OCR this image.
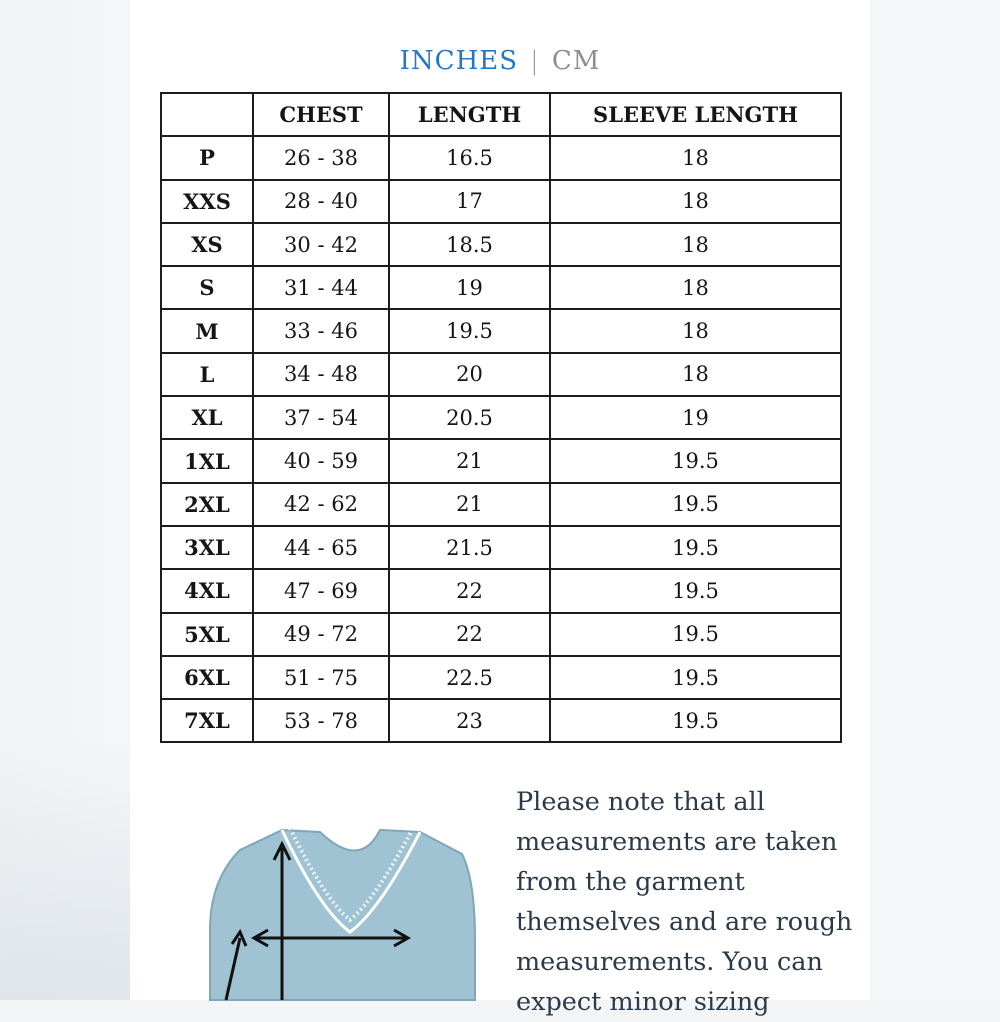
INCHES | CM
	CHEST	LENGTH	SLEEVE LENGTH
P	26 - 38	16.5	18
XXS	28 - 40	17	18
XS	30 - 42	18.5	18
S	31 - 44	19	18
M	33 - 46	19.5	18
L	34 - 48	20	18
XL	37 - 54	20.5	19
1XL	40 - 59	21	19.5
2XL	42 - 62	21	19.5
3XL	44 - 65	21.5	19.5
4XL	47 - 69	22	19.5
5XL	49 - 72	22	19.5
6XL	51 - 75	22.5	19.5
7XL	53 - 78	23	19.5
Please note that all measurements are taken from the garment themselves and are rough measurements. You can expect minor sizing
